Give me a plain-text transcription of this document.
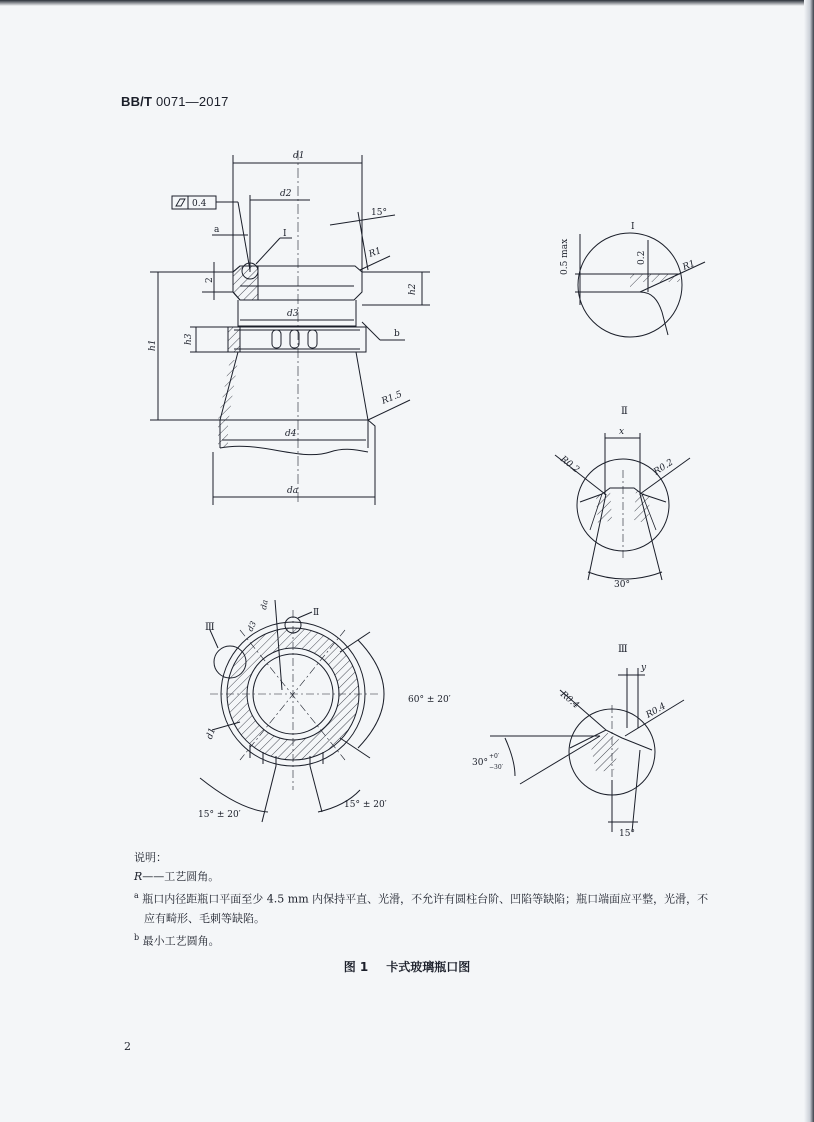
BB/T 0071—2017
d1
0.4
d2
a	I
15°
R1
h2
2
d3
b
h3
h1
R1.5
d4
da
I
0.5 max	0.2
R1
Ⅱ
x
R0.2	R0.2
30°
Ⅱ
Ⅲ
da
d3
d1
60° ± 20′
15° ± 20′
15° ± 20′
Ⅲ
y
R0.4
R0.4
30°
+0′
−30′
15°
说明：
R——工艺圆角。
$^a$ 瓶口内径距瓶口平面至少 4.5 mm 内保持平直、光滑，不允许有圆柱台阶、凹陷等缺陷；瓶口端面应平整，光滑，不
应有畸形、毛刺等缺陷。
$^b$ 最小工艺圆角。
图 1 卡式玻璃瓶口图
2
